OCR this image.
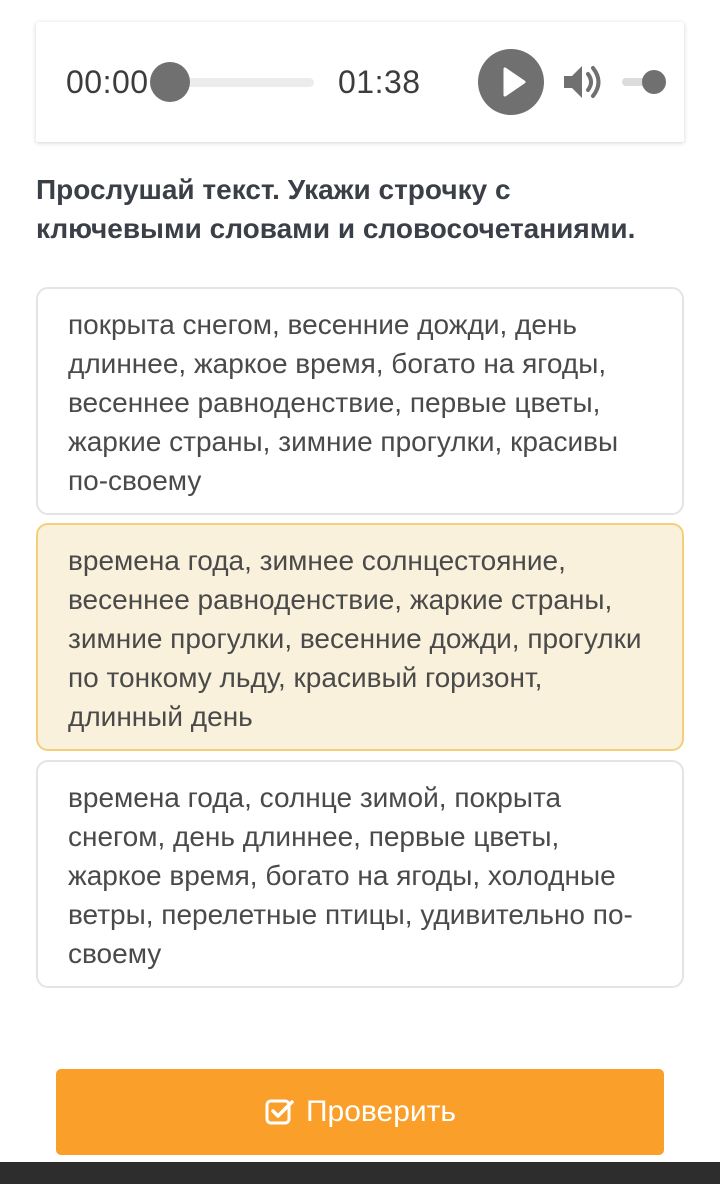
00:00	01:38

Прослушай текст. Укажи строчку с ключевыми словами и словосочетаниями.

покрыта снегом, весенние дожди, день длиннее, жаркое время, богато на ягоды, весеннее равноденствие, первые цветы, жаркие страны, зимние прогулки, красивы по-своему
времена года, зимнее солнцестояние, весеннее равноденствие, жаркие страны, зимние прогулки, весенние дожди, прогулки по тонкому льду, красивый горизонт, длинный день
времена года, солнце зимой, покрыта снегом, день длиннее, первые цветы, жаркое время, богато на ягоды, холодные ветры, перелетные птицы, удивительно по-своему
Проверить
